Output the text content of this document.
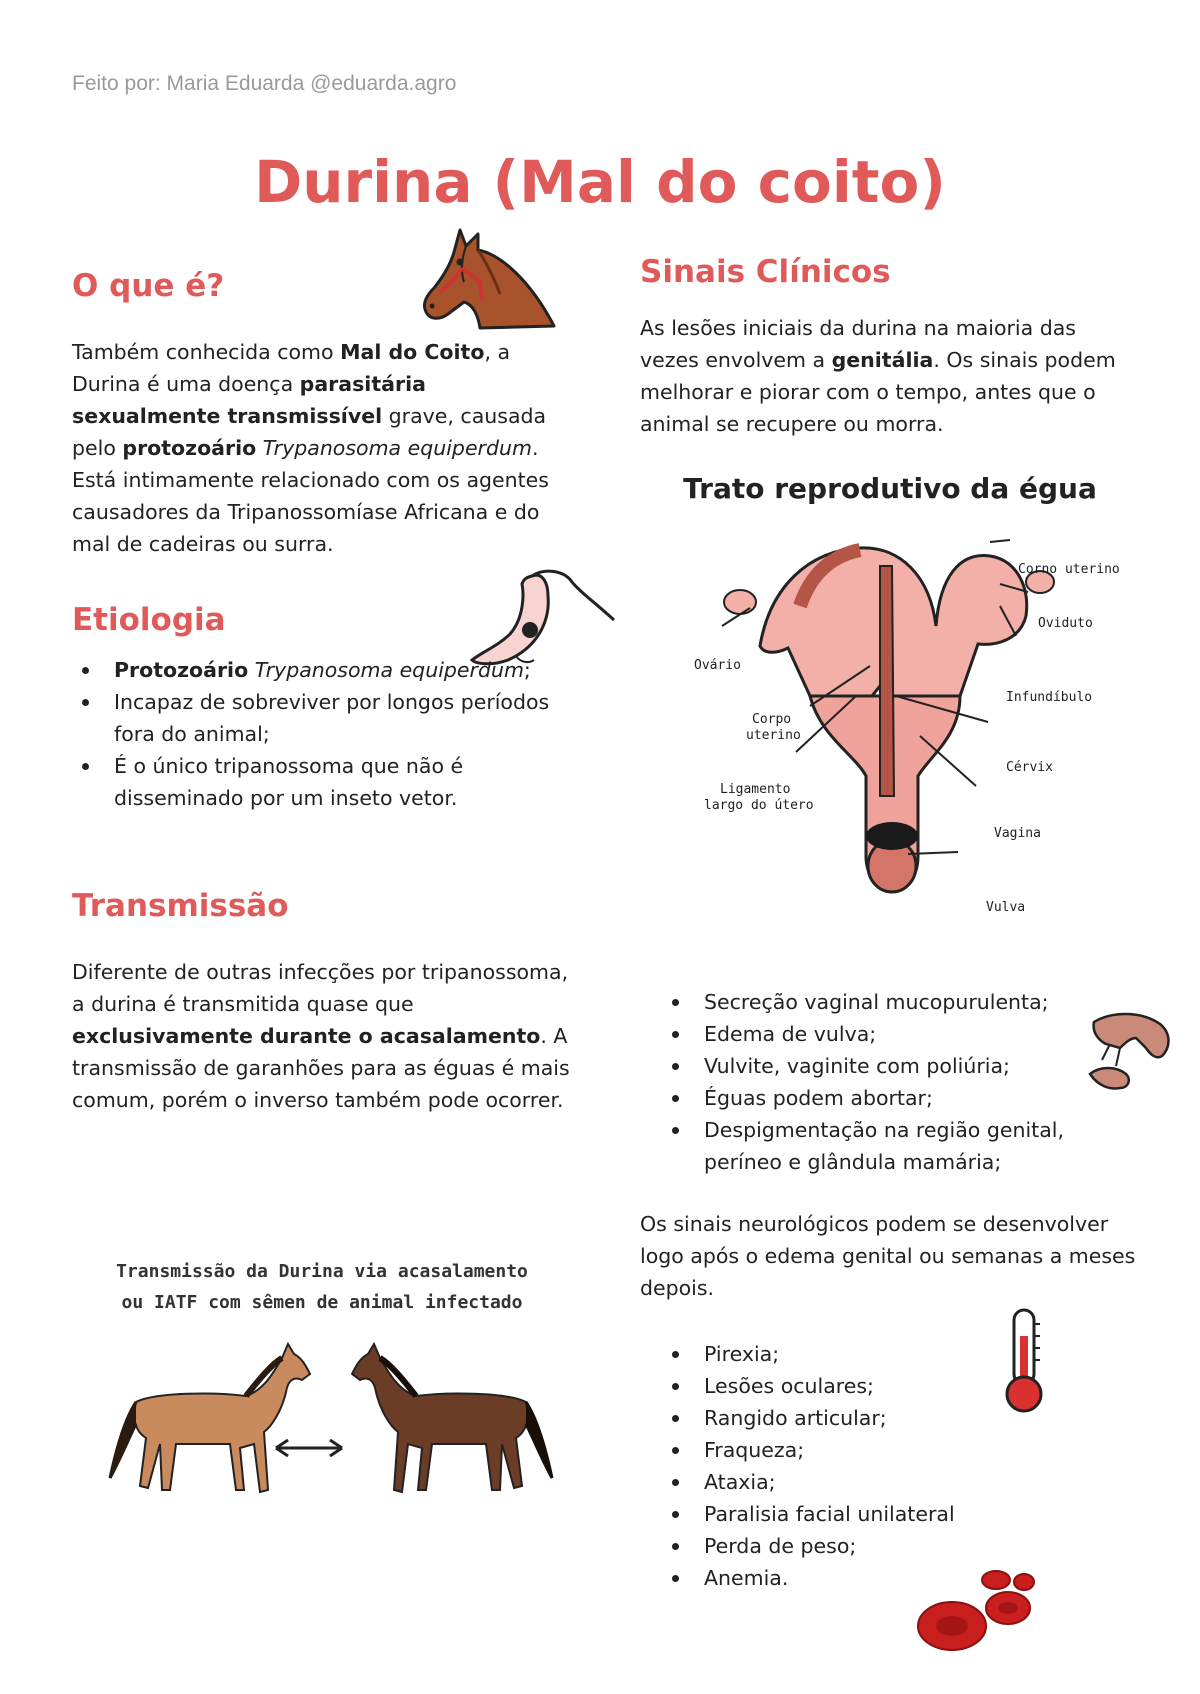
Feito por: Maria Eduarda @eduarda.agro
Durina (Mal do coito)
O que é?
Também conhecida como Mal do Coito, a Durina é uma doença parasitária sexualmente transmissível grave, causada pelo protozoário Trypanosoma equiperdum. Está intimamente relacionado com os agentes causadores da Tripanossomíase Africana e do mal de cadeiras ou surra.
Etiologia
Protozoário Trypanosoma equiperdum;
Incapaz de sobreviver por longos períodos fora do animal;
É o único tripanossoma que não é disseminado por um inseto vetor.
Transmissão
Diferente de outras infecções por tripanossoma, a durina é transmitida quase que exclusivamente durante o acasalamento. A transmissão de garanhões para as éguas é mais comum, porém o inverso também pode ocorrer.
Transmissão da Durina via acasalamento
ou IATF com sêmen de animal infectado
Sinais Clínicos
As lesões iniciais da durina na maioria das vezes envolvem a genitália. Os sinais podem melhorar e piorar com o tempo, antes que o animal se recupere ou morra.
Trato reprodutivo da égua
Corno uterino
Oviduto
Ovário
Infundíbulo
Corpo
uterino
Cérvix
Ligamento
largo do útero
Vagina
Vulva
Secreção vaginal mucopurulenta;
Edema de vulva;
Vulvite, vaginite com poliúria;
Éguas podem abortar;
Despigmentação na região genital, períneo e glândula mamária;
Os sinais neurológicos podem se desenvolver logo após o edema genital ou semanas a meses depois.
Pirexia;
Lesões oculares;
Rangido articular;
Fraqueza;
Ataxia;
Paralisia facial unilateral
Perda de peso;
Anemia.
